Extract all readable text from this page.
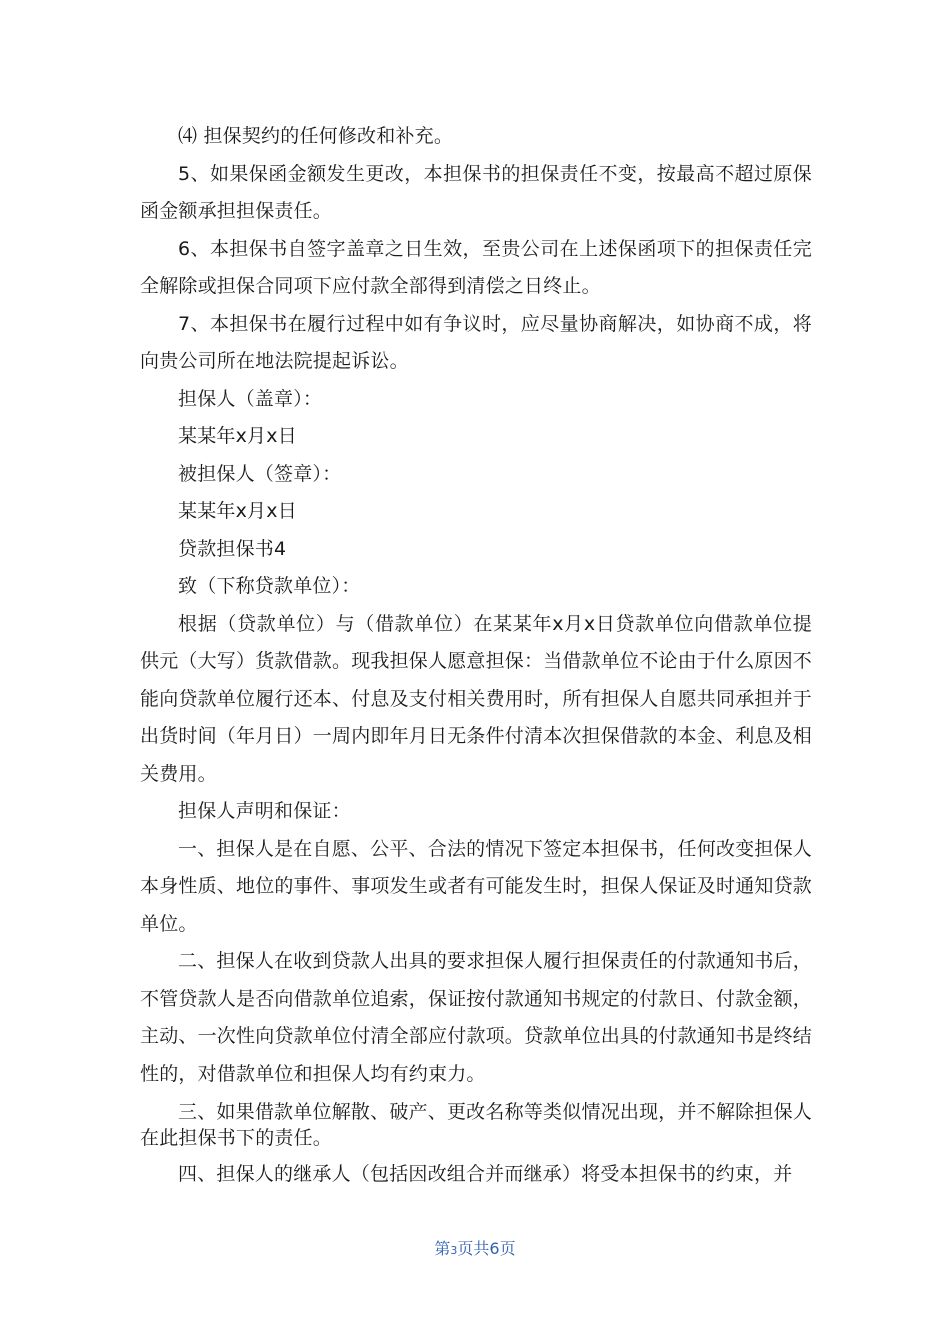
⑷ 担保契约的任何修改和补充。

5、如果保函金额发生更改，本担保书的担保责任不变，按最高不超过原保函金额承担担保责任。

6、本担保书自签字盖章之日生效，至贵公司在上述保函项下的担保责任完全解除或担保合同项下应付款全部得到清偿之日终止。

7、本担保书在履行过程中如有争议时，应尽量协商解决，如协商不成，将向贵公司所在地法院提起诉讼。

担保人（盖章）：

某某年x月x日

被担保人（签章）：

某某年x月x日

贷款担保书4

致（下称贷款单位）：

根据（贷款单位）与（借款单位）在某某年x月x日贷款单位向借款单位提供元（大写）货款借款。现我担保人愿意担保：当借款单位不论由于什么原因不能向贷款单位履行还本、付息及支付相关费用时，所有担保人自愿共同承担并于出货时间（年月日）一周内即年月日无条件付清本次担保借款的本金、利息及相关费用。

担保人声明和保证：

一、担保人是在自愿、公平、合法的情况下签定本担保书，任何改变担保人本身性质、地位的事件、事项发生或者有可能发生时，担保人保证及时通知贷款单位。

二、担保人在收到贷款人出具的要求担保人履行担保责任的付款通知书后，不管贷款人是否向借款单位追索，保证按付款通知书规定的付款日、付款金额，主动、一次性向贷款单位付清全部应付款项。贷款单位出具的付款通知书是终结性的，对借款单位和担保人均有约束力。

三、如果借款单位解散、破产、更改名称等类似情况出现，并不解除担保人在此担保书下的责任。

四、担保人的继承人（包括因改组合并而继承）将受本担保书的约束，并

第3页共6页
